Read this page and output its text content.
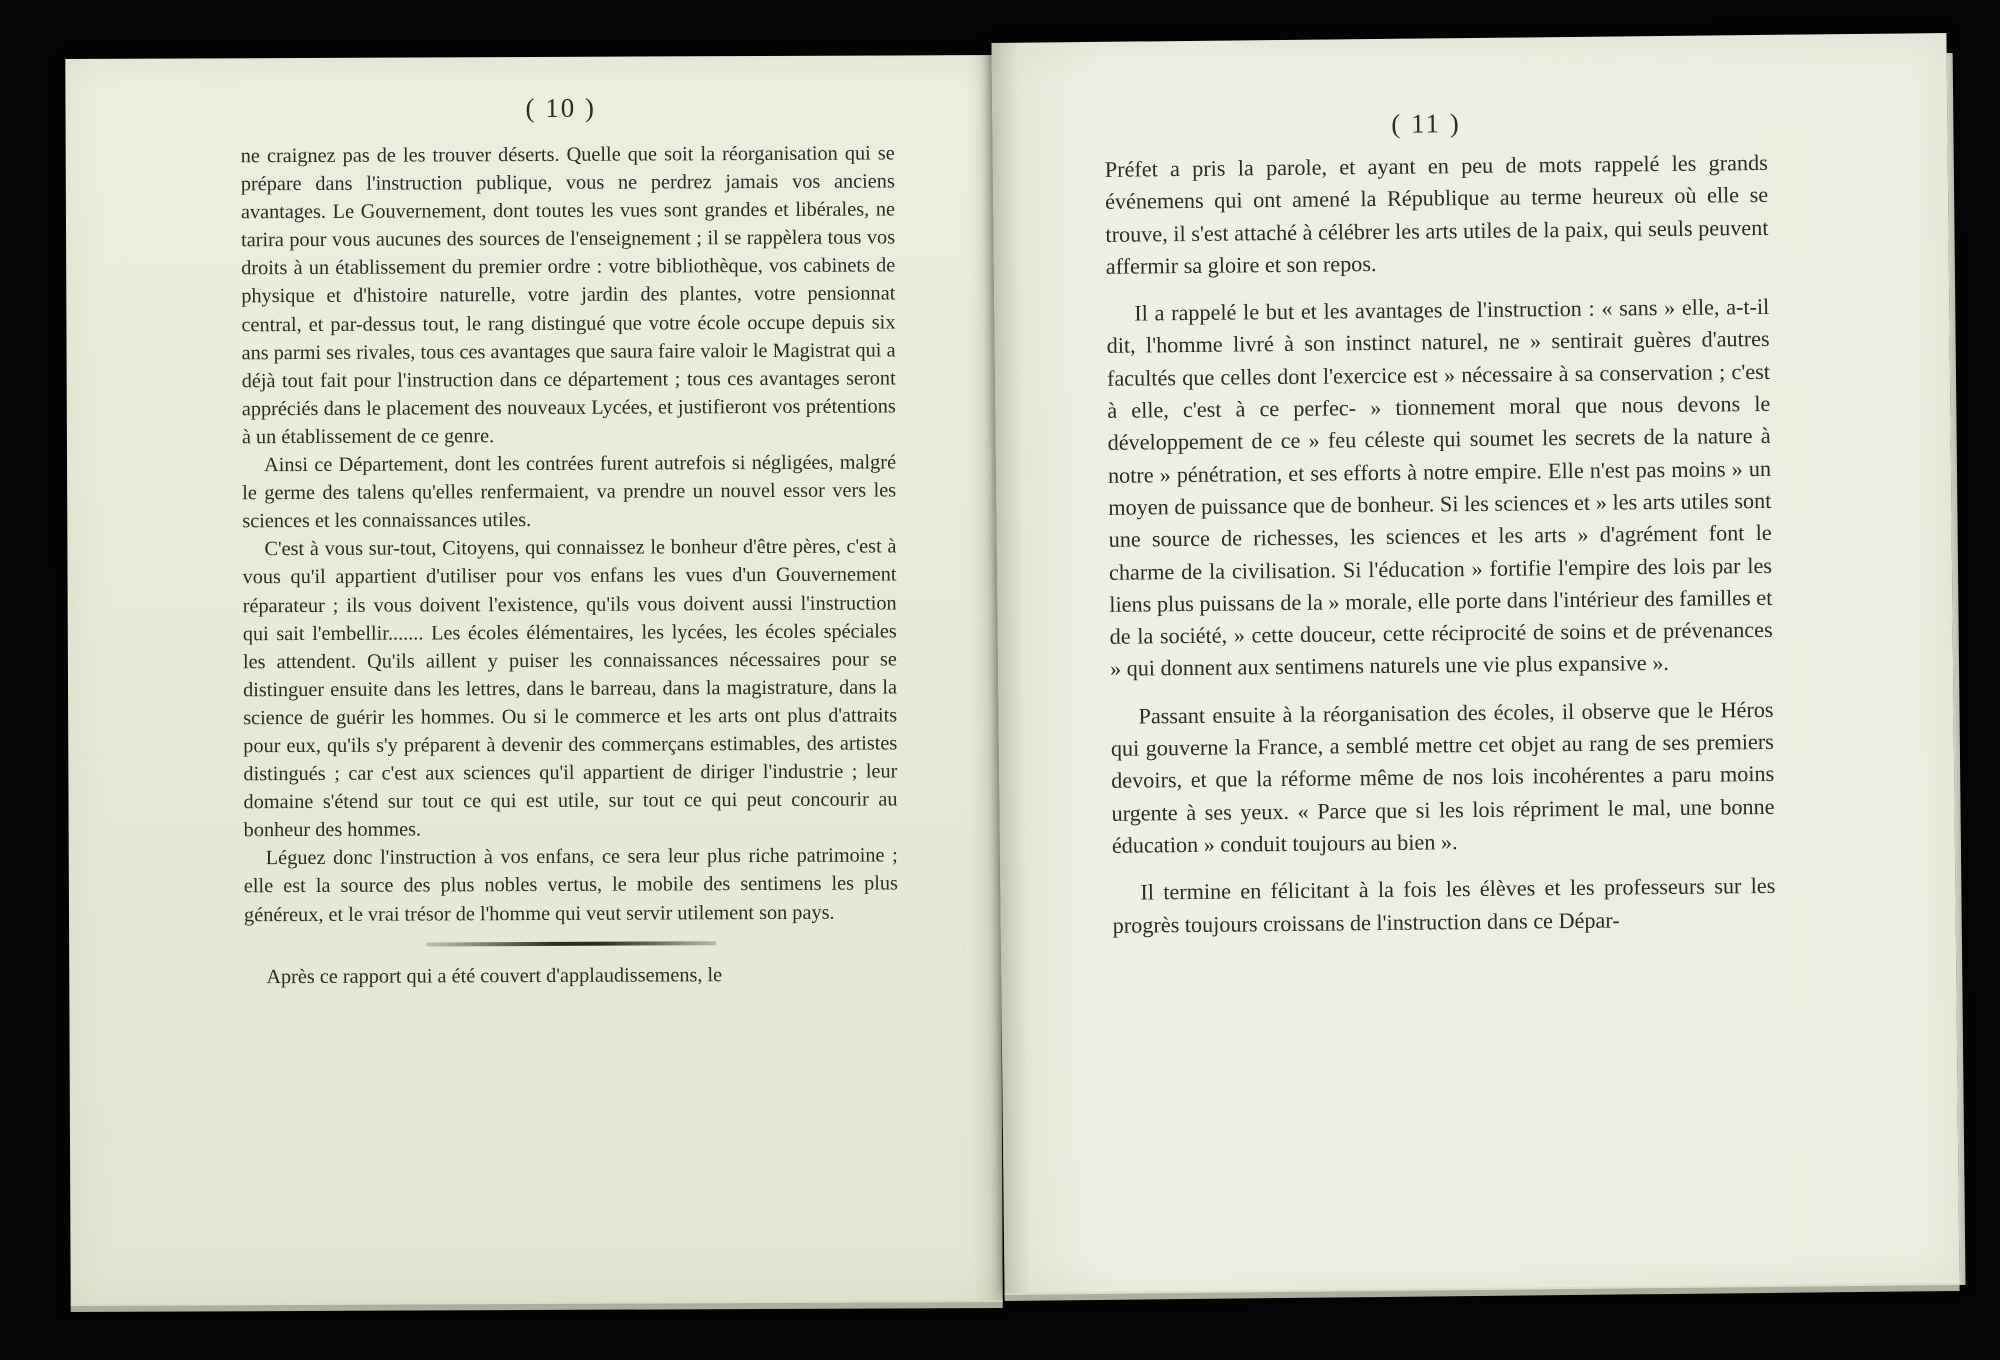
( 10 )

ne craignez pas de les trouver déserts. Quelle que soit la réorganisation qui se prépare dans l'instruction publique, vous ne perdrez jamais vos anciens avantages. Le Gouvernement, dont toutes les vues sont grandes et libérales, ne tarira pour vous aucunes des sources de l'enseignement ; il se rappèlera tous vos droits à un établissement du premier ordre : votre bibliothèque, vos cabinets de physique et d'histoire naturelle, votre jardin des plantes, votre pensionnat central, et par-dessus tout, le rang distingué que votre école occupe depuis six ans parmi ses rivales, tous ces avantages que saura faire valoir le Magistrat qui a déjà tout fait pour l'instruction dans ce département ; tous ces avantages seront appréciés dans le placement des nouveaux Lycées, et justifieront vos prétentions à un établissement de ce genre.

Ainsi ce Département, dont les contrées furent autrefois si négligées, malgré le germe des talens qu'elles renfermaient, va prendre un nouvel essor vers les sciences et les connaissances utiles.

C'est à vous sur-tout, Citoyens, qui connaissez le bonheur d'être pères, c'est à vous qu'il appartient d'utiliser pour vos enfans les vues d'un Gouvernement réparateur ; ils vous doivent l'existence, qu'ils vous doivent aussi l'instruction qui sait l'embellir....... Les écoles élémentaires, les lycées, les écoles spéciales les attendent. Qu'ils aillent y puiser les connaissances nécessaires pour se distinguer ensuite dans les lettres, dans le barreau, dans la magistrature, dans la science de guérir les hommes. Ou si le commerce et les arts ont plus d'attraits pour eux, qu'ils s'y préparent à devenir des commerçans estimables, des artistes distingués ; car c'est aux sciences qu'il appartient de diriger l'industrie ; leur domaine s'étend sur tout ce qui est utile, sur tout ce qui peut concourir au bonheur des hommes.

Léguez donc l'instruction à vos enfans, ce sera leur plus riche patrimoine ; elle est la source des plus nobles vertus, le mobile des sentimens les plus généreux, et le vrai trésor de l'homme qui veut servir utilement son pays.

Après ce rapport qui a été couvert d'applaudissemens, le

( 11 )

Préfet a pris la parole, et ayant en peu de mots rappelé les grands événemens qui ont amené la République au terme heureux où elle se trouve, il s'est attaché à célébrer les arts utiles de la paix, qui seuls peuvent affermir sa gloire et son repos.

Il a rappelé le but et les avantages de l'instruction : « sans » elle, a-t-il dit, l'homme livré à son instinct naturel, ne » sentirait guères d'autres facultés que celles dont l'exercice est » nécessaire à sa conservation ; c'est à elle, c'est à ce perfec- » tionnement moral que nous devons le développement de ce » feu céleste qui soumet les secrets de la nature à notre » pénétration, et ses efforts à notre empire. Elle n'est pas moins » un moyen de puissance que de bonheur. Si les sciences et » les arts utiles sont une source de richesses, les sciences et les arts » d'agrément font le charme de la civilisation. Si l'éducation » fortifie l'empire des lois par les liens plus puissans de la » morale, elle porte dans l'intérieur des familles et de la société, » cette douceur, cette réciprocité de soins et de prévenances » qui donnent aux sentimens naturels une vie plus expansive ».

Passant ensuite à la réorganisation des écoles, il observe que le Héros qui gouverne la France, a semblé mettre cet objet au rang de ses premiers devoirs, et que la réforme même de nos lois incohérentes a paru moins urgente à ses yeux. « Parce que si les lois répriment le mal, une bonne éducation » conduit toujours au bien ».

Il termine en félicitant à la fois les élèves et les professeurs sur les progrès toujours croissans de l'instruction dans ce Dépar-
